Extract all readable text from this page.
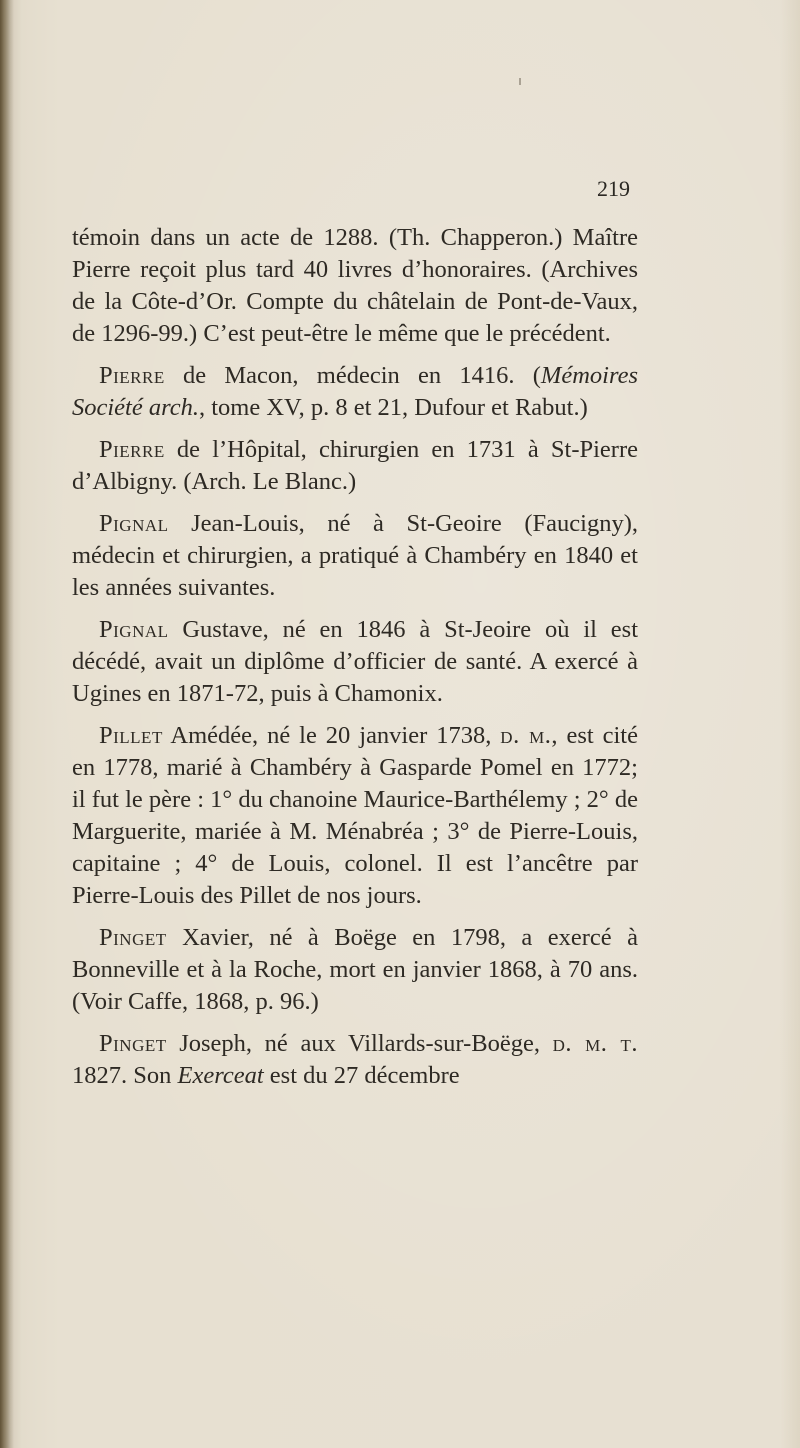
219

témoin dans un acte de 1288. (Th. Chapperon.) Maître Pierre reçoit plus tard 40 livres d’honoraires. (Archives de la Côte-d’Or. Compte du châtelain de Pont-de-Vaux, de 1296-99.) C’est peut-être le même que le précédent.

Pierre de Macon, médecin en 1416. (Mémoires Société arch., tome XV, p. 8 et 21, Dufour et Rabut.)

Pierre de l’Hôpital, chirurgien en 1731 à St-Pierre d’Albigny. (Arch. Le Blanc.)

Pignal Jean-Louis, né à St-Geoire (Faucigny), médecin et chirurgien, a pratiqué à Chambéry en 1840 et les années suivantes.

Pignal Gustave, né en 1846 à St-Jeoire où il est décédé, avait un diplôme d’officier de santé. A exercé à Ugines en 1871-72, puis à Chamonix.

Pillet Amédée, né le 20 janvier 1738, d. m., est cité en 1778, marié à Chambéry à Gasparde Pomel en 1772; il fut le père : 1° du chanoine Maurice-Barthélemy ; 2° de Marguerite, mariée à M. Ménabréa ; 3° de Pierre-Louis, capitaine ; 4° de Louis, colonel. Il est l’ancêtre par Pierre-Louis des Pillet de nos jours.

Pinget Xavier, né à Boëge en 1798, a exercé à Bonneville et à la Roche, mort en janvier 1868, à 70 ans. (Voir Caffe, 1868, p. 96.)

Pinget Joseph, né aux Villards-sur-Boëge, d. m. t. 1827. Son Exerceat est du 27 décembre
